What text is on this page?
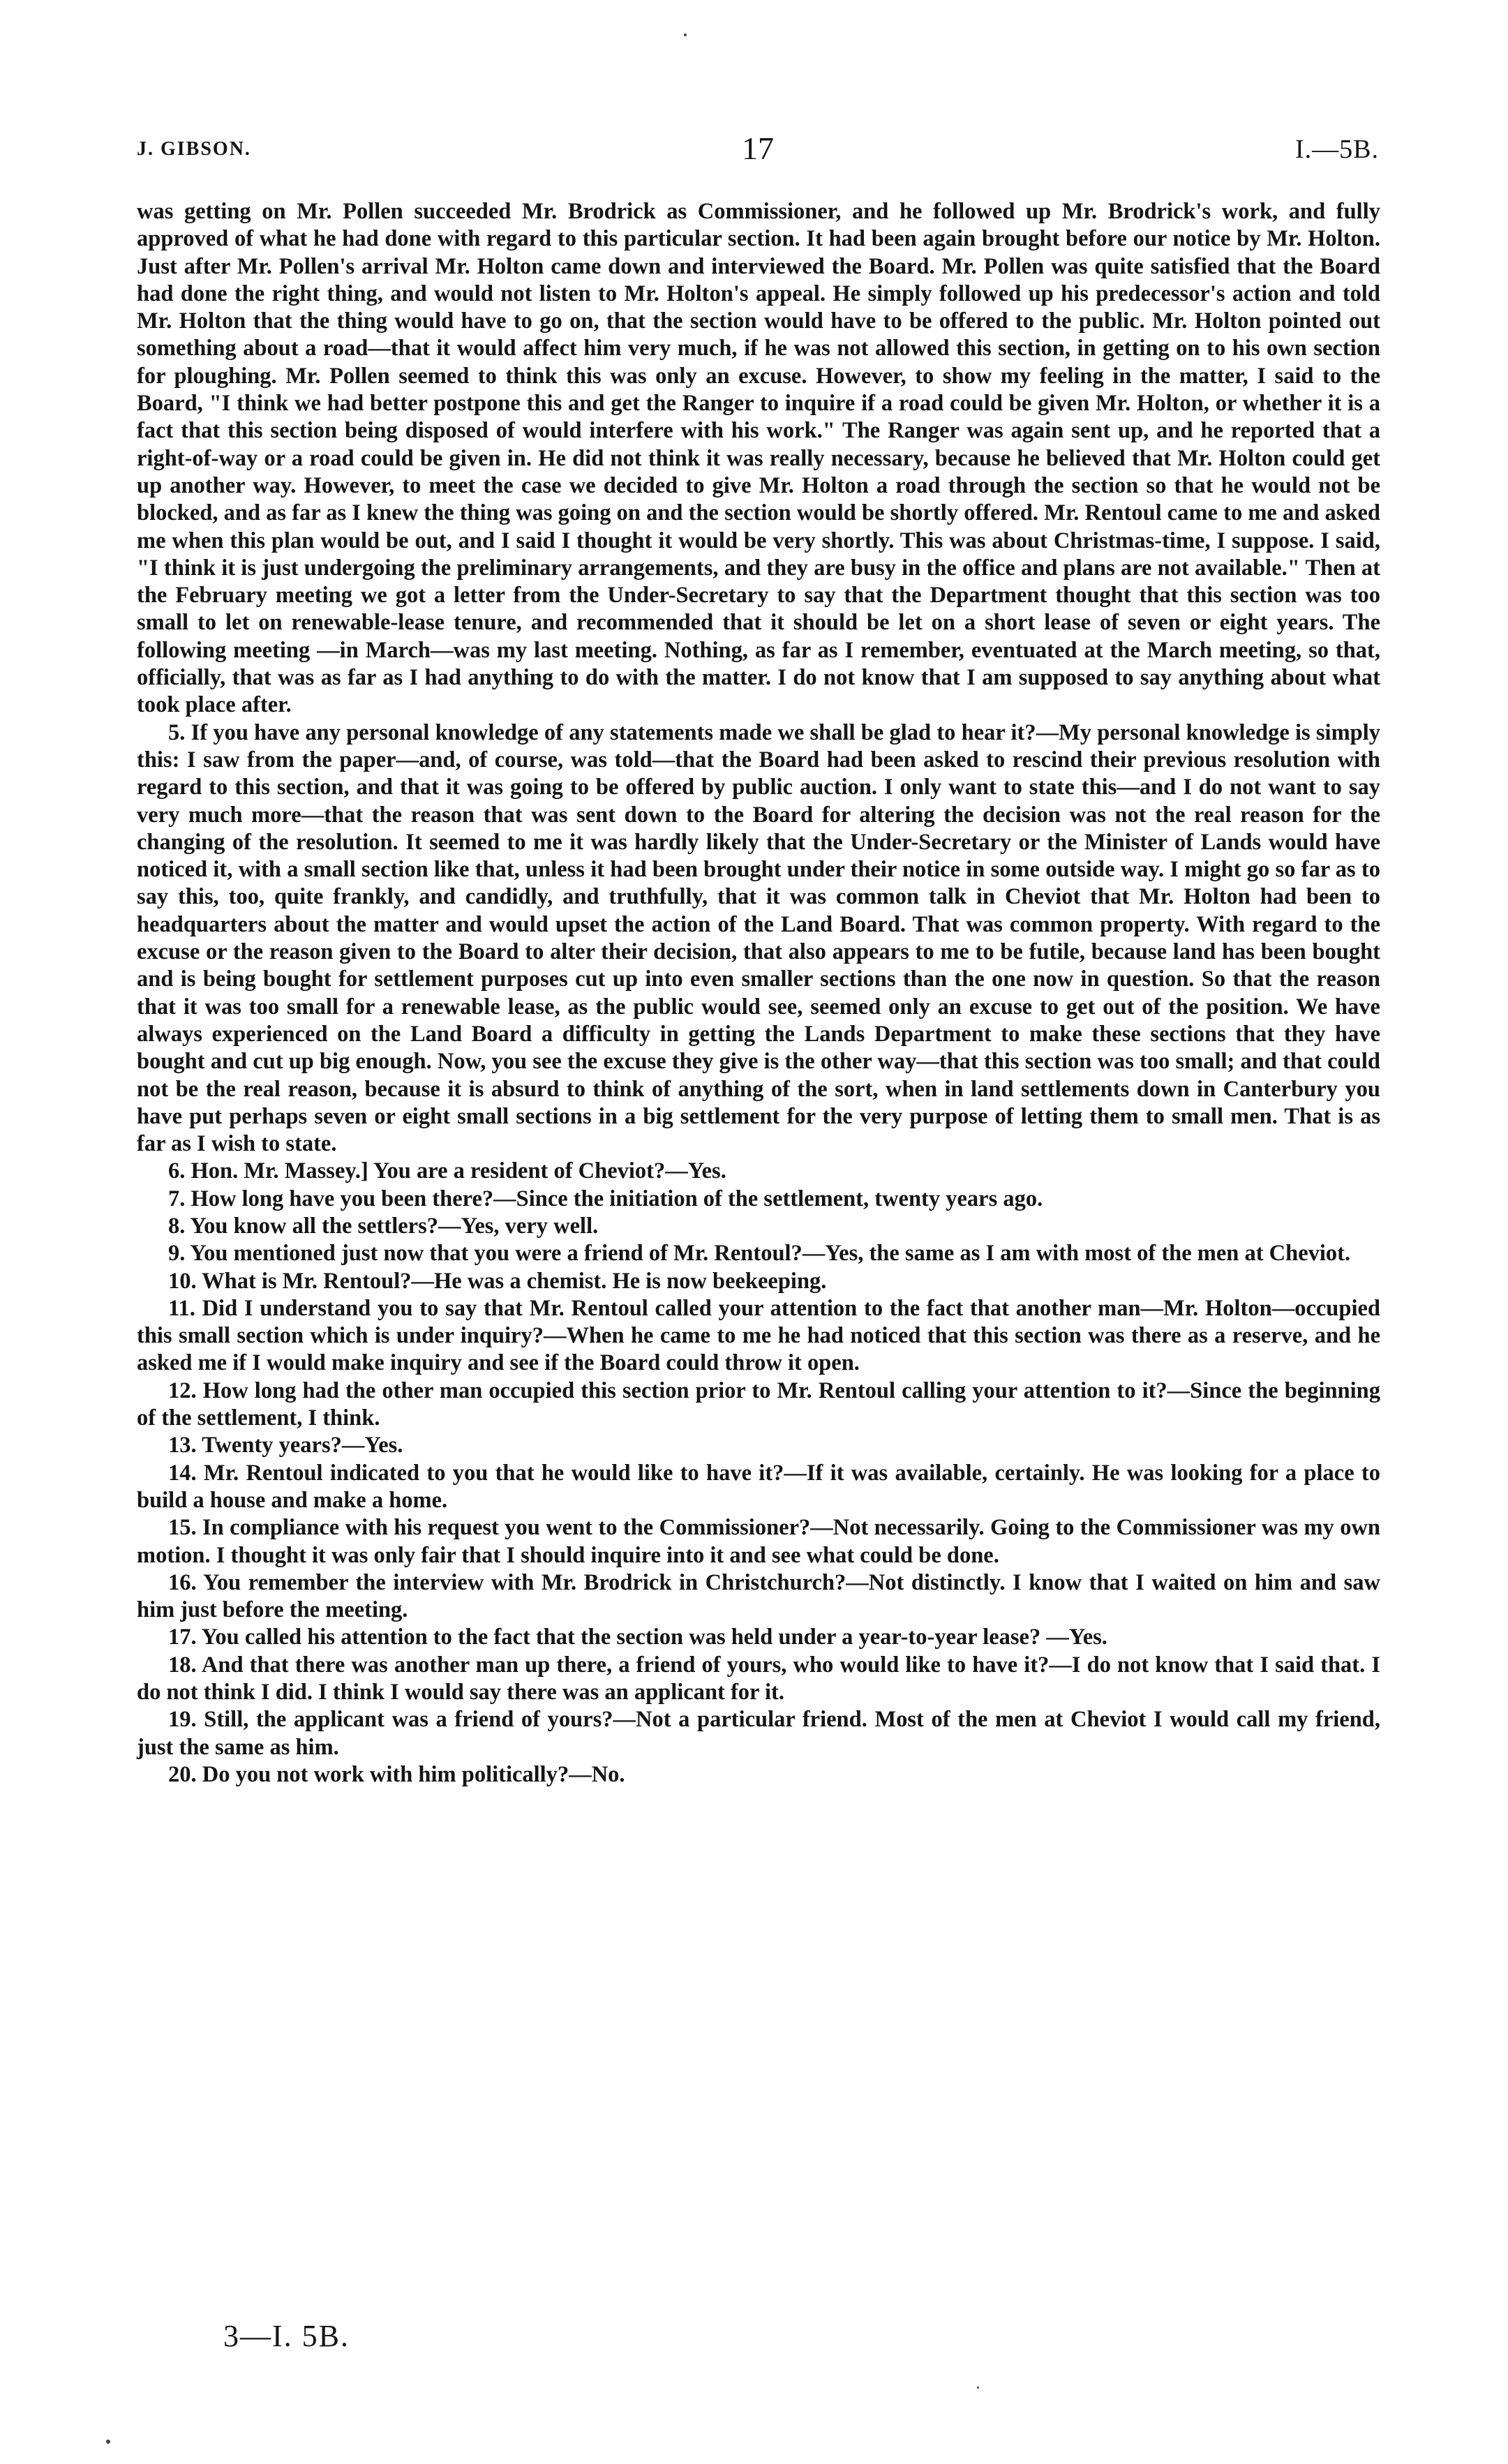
J. GIBSON.	17	I.—5B.

was getting on Mr. Pollen succeeded Mr. Brodrick as Commissioner, and he followed up Mr. Brodrick's work, and fully approved of what he had done with regard to this particular section. It had been again brought before our notice by Mr. Holton. Just after Mr. Pollen's arrival Mr. Holton came down and interviewed the Board. Mr. Pollen was quite satisfied that the Board had done the right thing, and would not listen to Mr. Holton's appeal. He simply followed up his predecessor's action and told Mr. Holton that the thing would have to go on, that the section would have to be offered to the public. Mr. Holton pointed out something about a road—that it would affect him very much, if he was not allowed this section, in getting on to his own section for ploughing. Mr. Pollen seemed to think this was only an excuse. However, to show my feeling in the matter, I said to the Board, "I think we had better postpone this and get the Ranger to inquire if a road could be given Mr. Holton, or whether it is a fact that this section being disposed of would interfere with his work." The Ranger was again sent up, and he reported that a right-of-way or a road could be given in. He did not think it was really necessary, because he believed that Mr. Holton could get up another way. However, to meet the case we decided to give Mr. Holton a road through the section so that he would not be blocked, and as far as I knew the thing was going on and the section would be shortly offered. Mr. Rentoul came to me and asked me when this plan would be out, and I said I thought it would be very shortly. This was about Christmas-time, I suppose. I said, "I think it is just undergoing the preliminary arrangements, and they are busy in the office and plans are not available." Then at the February meeting we got a letter from the Under-Secretary to say that the Department thought that this section was too small to let on renewable-lease tenure, and recommended that it should be let on a short lease of seven or eight years. The following meeting —in March—was my last meeting. Nothing, as far as I remember, eventuated at the March meeting, so that, officially, that was as far as I had anything to do with the matter. I do not know that I am supposed to say anything about what took place after.

5. If you have any personal knowledge of any statements made we shall be glad to hear it?—My personal knowledge is simply this: I saw from the paper—and, of course, was told—that the Board had been asked to rescind their previous resolution with regard to this section, and that it was going to be offered by public auction. I only want to state this—and I do not want to say very much more—that the reason that was sent down to the Board for altering the decision was not the real reason for the changing of the resolution. It seemed to me it was hardly likely that the Under-Secretary or the Minister of Lands would have noticed it, with a small section like that, unless it had been brought under their notice in some outside way. I might go so far as to say this, too, quite frankly, and candidly, and truthfully, that it was common talk in Cheviot that Mr. Holton had been to headquarters about the matter and would upset the action of the Land Board. That was common property. With regard to the excuse or the reason given to the Board to alter their decision, that also appears to me to be futile, because land has been bought and is being bought for settlement purposes cut up into even smaller sections than the one now in question. So that the reason that it was too small for a renewable lease, as the public would see, seemed only an excuse to get out of the position. We have always experienced on the Land Board a difficulty in getting the Lands Department to make these sections that they have bought and cut up big enough. Now, you see the excuse they give is the other way—that this section was too small; and that could not be the real reason, because it is absurd to think of anything of the sort, when in land settlements down in Canterbury you have put perhaps seven or eight small sections in a big settlement for the very purpose of letting them to small men. That is as far as I wish to state.

6. Hon. Mr. Massey.] You are a resident of Cheviot?—Yes.

7. How long have you been there?—Since the initiation of the settlement, twenty years ago.

8. You know all the settlers?—Yes, very well.

9. You mentioned just now that you were a friend of Mr. Rentoul?—Yes, the same as I am with most of the men at Cheviot.

10. What is Mr. Rentoul?—He was a chemist. He is now beekeeping.

11. Did I understand you to say that Mr. Rentoul called your attention to the fact that another man—Mr. Holton—occupied this small section which is under inquiry?—When he came to me he had noticed that this section was there as a reserve, and he asked me if I would make inquiry and see if the Board could throw it open.

12. How long had the other man occupied this section prior to Mr. Rentoul calling your attention to it?—Since the beginning of the settlement, I think.

13. Twenty years?—Yes.

14. Mr. Rentoul indicated to you that he would like to have it?—If it was available, certainly. He was looking for a place to build a house and make a home.

15. In compliance with his request you went to the Commissioner?—Not necessarily. Going to the Commissioner was my own motion. I thought it was only fair that I should inquire into it and see what could be done.

16. You remember the interview with Mr. Brodrick in Christchurch?—Not distinctly. I know that I waited on him and saw him just before the meeting.

17. You called his attention to the fact that the section was held under a year-to-year lease? —Yes.

18. And that there was another man up there, a friend of yours, who would like to have it?—I do not know that I said that. I do not think I did. I think I would say there was an applicant for it.

19. Still, the applicant was a friend of yours?—Not a particular friend. Most of the men at Cheviot I would call my friend, just the same as him.

20. Do you not work with him politically?—No.

3—I. 5B.
